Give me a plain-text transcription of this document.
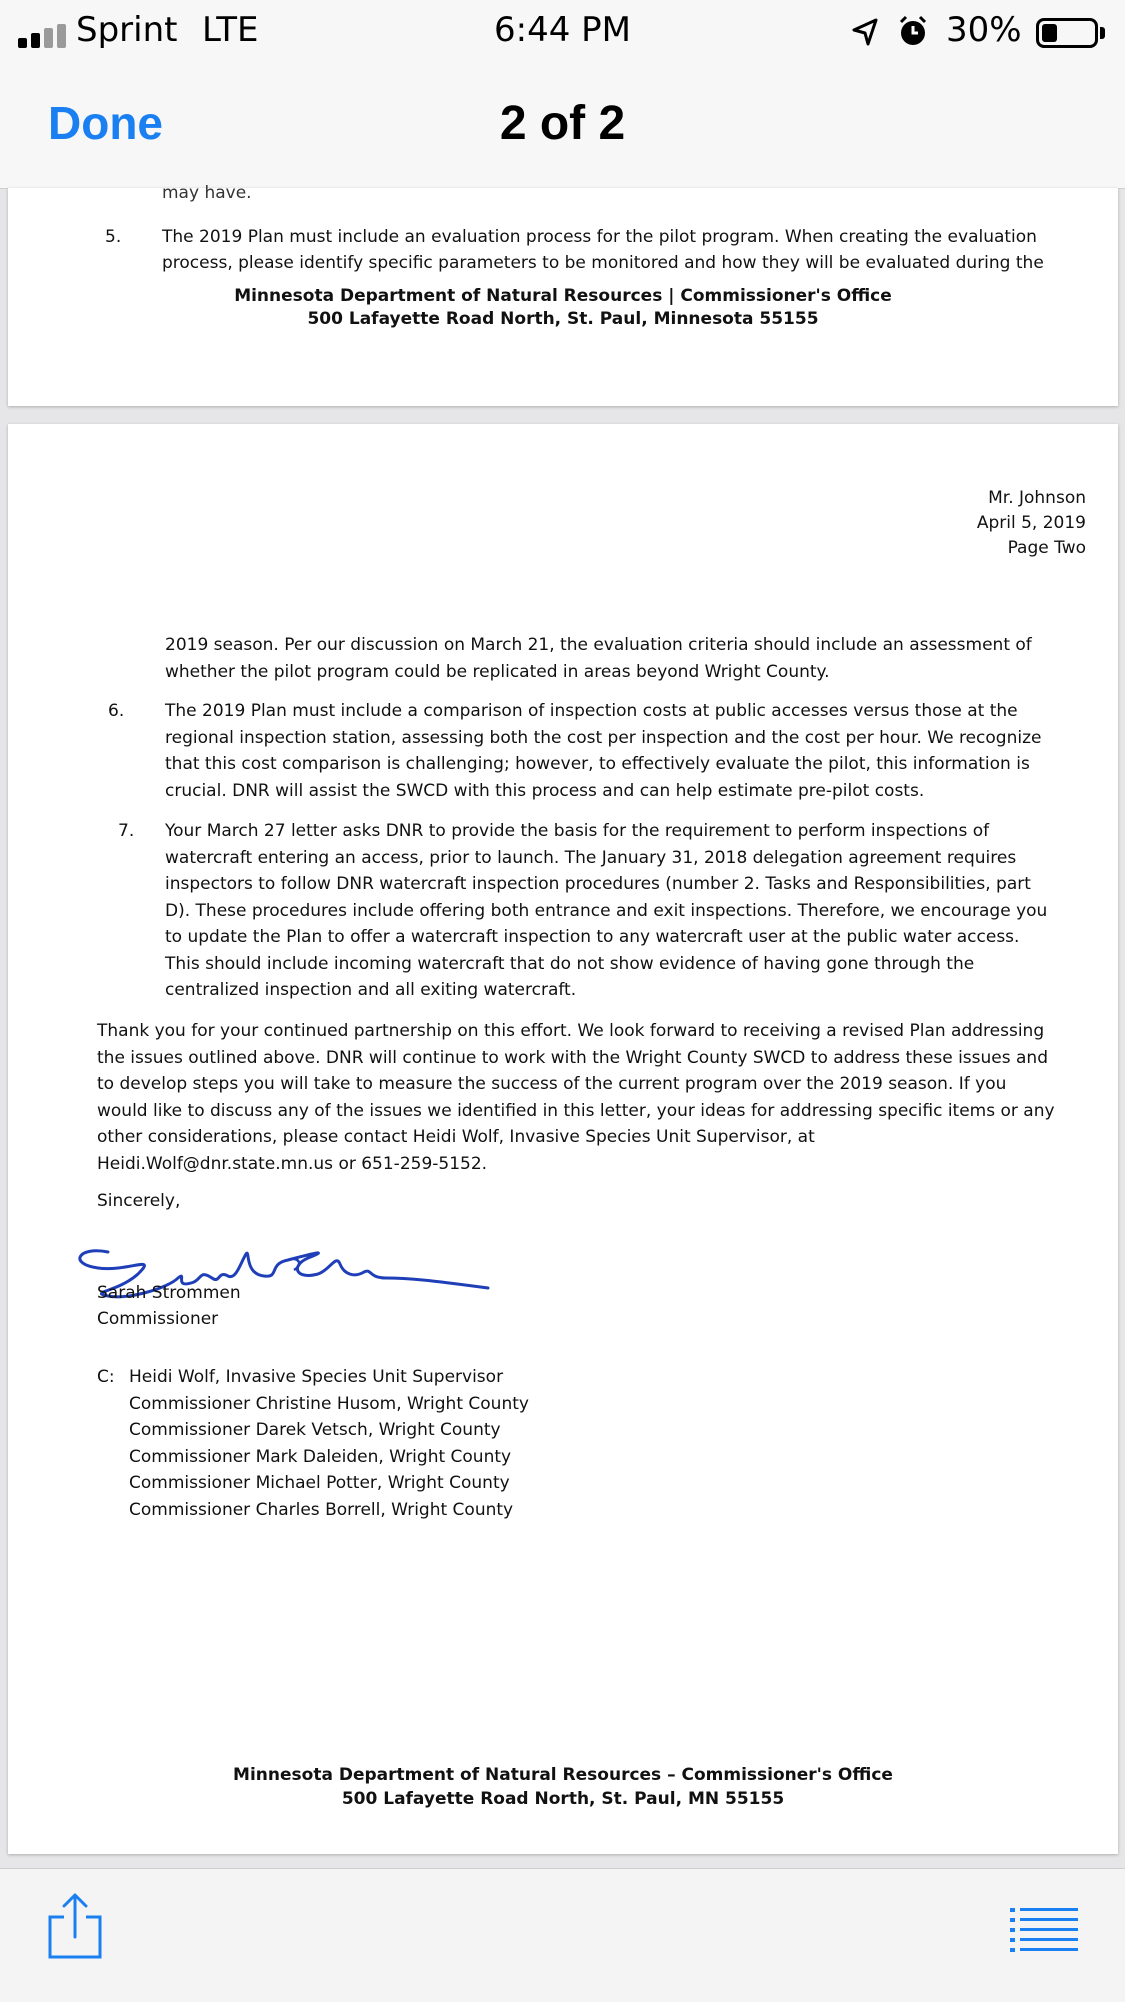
Sprint LTE	6:44 PM	30%
Done	2 of 2
may have.
5.	The 2019 Plan must include an evaluation process for the pilot program. When creating the evaluation
process, please identify specific parameters to be monitored and how they will be evaluated during the
Minnesota Department of Natural Resources | Commissioner's Office
500 Lafayette Road North, St. Paul, Minnesota 55155
Mr. Johnson
April 5, 2019
Page Two
2019 season. Per our discussion on March 21, the evaluation criteria should include an assessment of
whether the pilot program could be replicated in areas beyond Wright County.
6.	The 2019 Plan must include a comparison of inspection costs at public accesses versus those at the
regional inspection station, assessing both the cost per inspection and the cost per hour. We recognize
that this cost comparison is challenging; however, to effectively evaluate the pilot, this information is
crucial. DNR will assist the SWCD with this process and can help estimate pre-pilot costs.
7.	Your March 27 letter asks DNR to provide the basis for the requirement to perform inspections of
watercraft entering an access, prior to launch. The January 31, 2018 delegation agreement requires
inspectors to follow DNR watercraft inspection procedures (number 2. Tasks and Responsibilities, part
D). These procedures include offering both entrance and exit inspections. Therefore, we encourage you
to update the Plan to offer a watercraft inspection to any watercraft user at the public water access.
This should include incoming watercraft that do not show evidence of having gone through the
centralized inspection and all exiting watercraft.
Thank you for your continued partnership on this effort. We look forward to receiving a revised Plan addressing
the issues outlined above. DNR will continue to work with the Wright County SWCD to address these issues and
to develop steps you will take to measure the success of the current program over the 2019 season. If you
would like to discuss any of the issues we identified in this letter, your ideas for addressing specific items or any
other considerations, please contact Heidi Wolf, Invasive Species Unit Supervisor, at
Heidi.Wolf@dnr.state.mn.us or 651-259-5152.
Sincerely,
Sarah Strommen
Commissioner
C: Heidi Wolf, Invasive Species Unit Supervisor
Commissioner Christine Husom, Wright County
Commissioner Darek Vetsch, Wright County
Commissioner Mark Daleiden, Wright County
Commissioner Michael Potter, Wright County
Commissioner Charles Borrell, Wright County
Minnesota Department of Natural Resources – Commissioner's Office
500 Lafayette Road North, St. Paul, MN 55155
